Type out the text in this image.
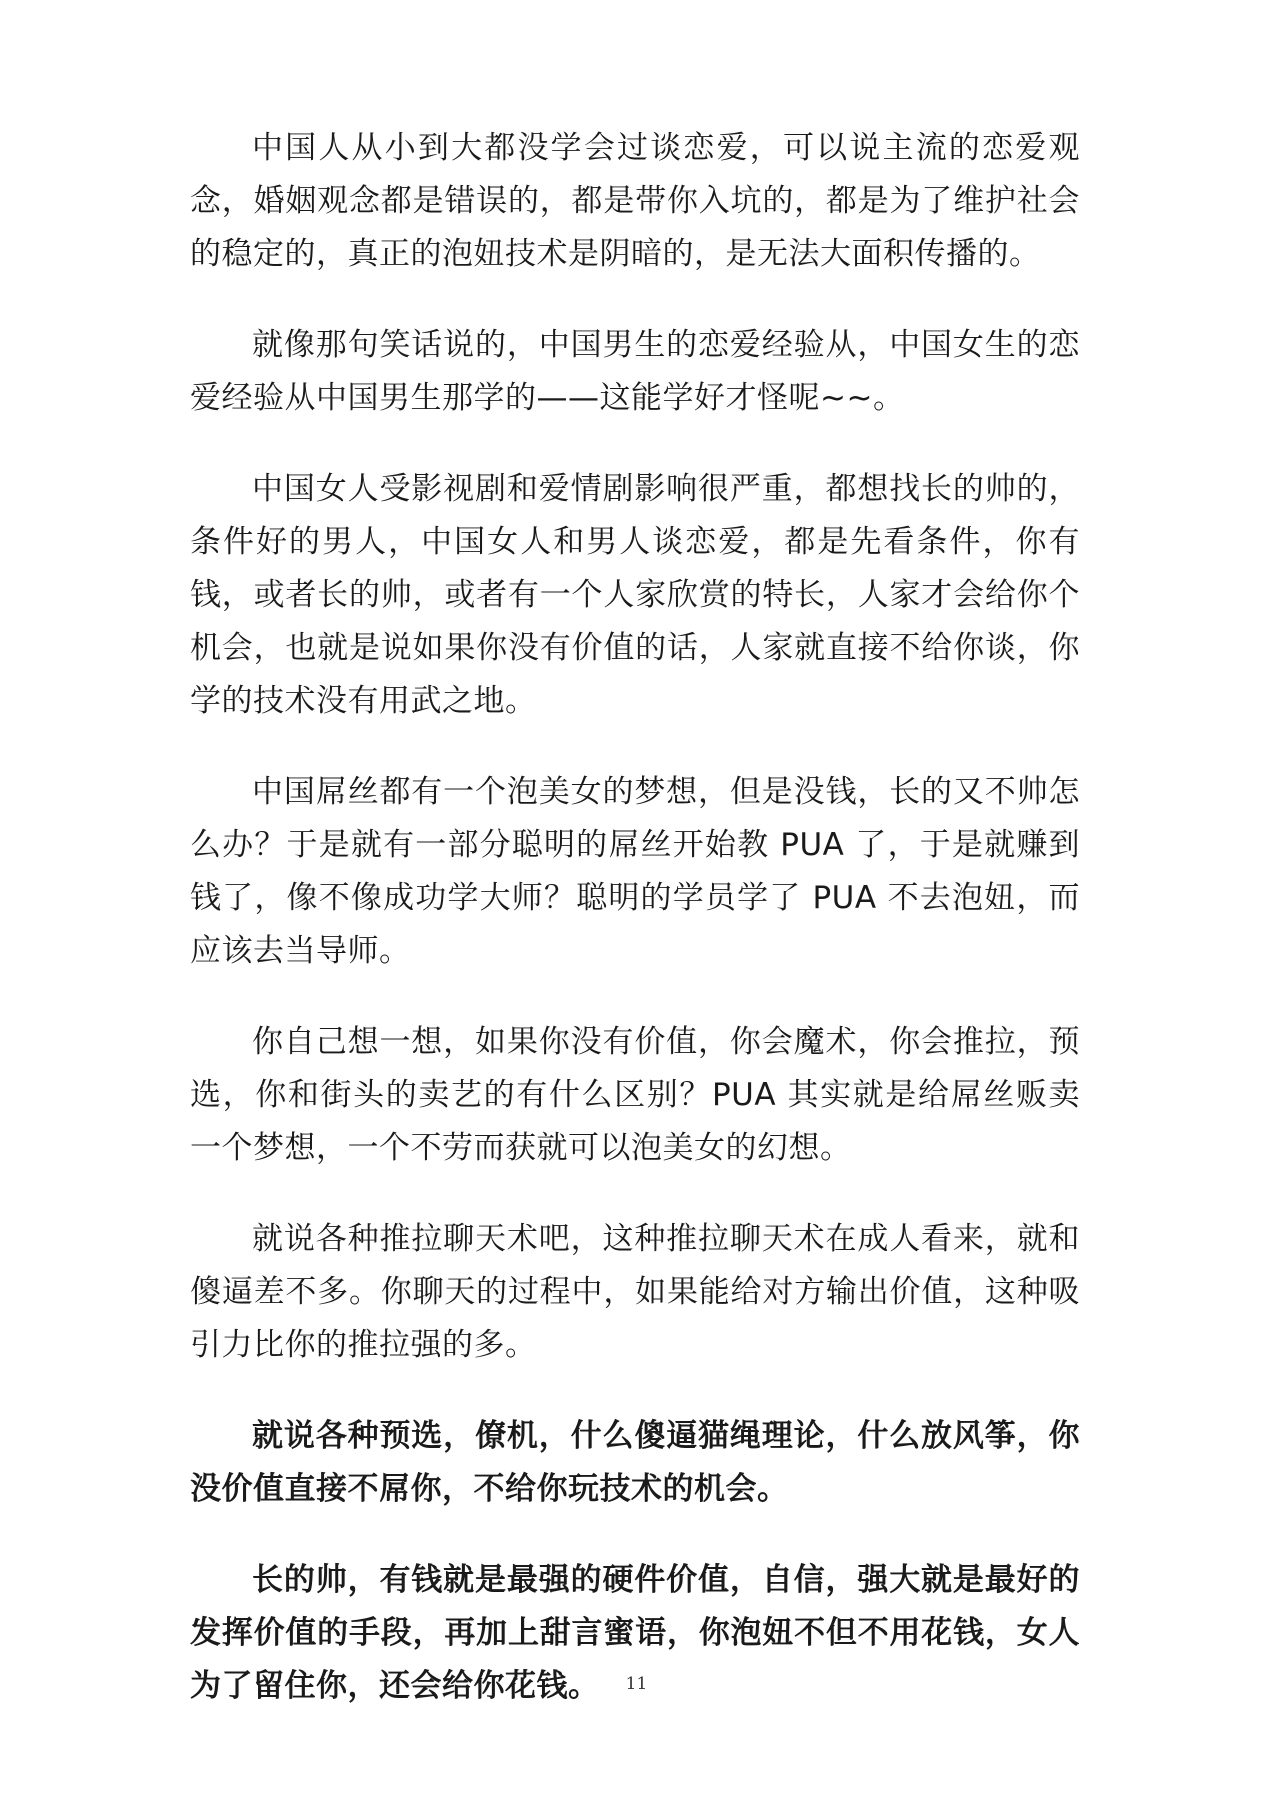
中国人从小到大都没学会过谈恋爱，可以说主流的恋爱观念，婚姻观念都是错误的，都是带你入坑的，都是为了维护社会的稳定的，真正的泡妞技术是阴暗的，是无法大面积传播的。

就像那句笑话说的，中国男生的恋爱经验从，中国女生的恋爱经验从中国男生那学的——这能学好才怪呢~~。

中国女人受影视剧和爱情剧影响很严重，都想找长的帅的，条件好的男人，中国女人和男人谈恋爱，都是先看条件，你有钱，或者长的帅，或者有一个人家欣赏的特长，人家才会给你个机会，也就是说如果你没有价值的话，人家就直接不给你谈，你学的技术没有用武之地。

中国屌丝都有一个泡美女的梦想，但是没钱，长的又不帅怎么办？于是就有一部分聪明的屌丝开始教 PUA 了，于是就赚到钱了，像不像成功学大师？聪明的学员学了 PUA 不去泡妞，而应该去当导师。

你自己想一想，如果你没有价值，你会魔术，你会推拉，预选，你和街头的卖艺的有什么区别？PUA 其实就是给屌丝贩卖一个梦想，一个不劳而获就可以泡美女的幻想。

就说各种推拉聊天术吧，这种推拉聊天术在成人看来，就和傻逼差不多。你聊天的过程中，如果能给对方输出价值，这种吸引力比你的推拉强的多。

就说各种预选，僚机，什么傻逼猫绳理论，什么放风筝，你没价值直接不屌你，不给你玩技术的机会。

长的帅，有钱就是最强的硬件价值，自信，强大就是最好的发挥价值的手段，再加上甜言蜜语，你泡妞不但不用花钱，女人为了留住你，还会给你花钱。	11
